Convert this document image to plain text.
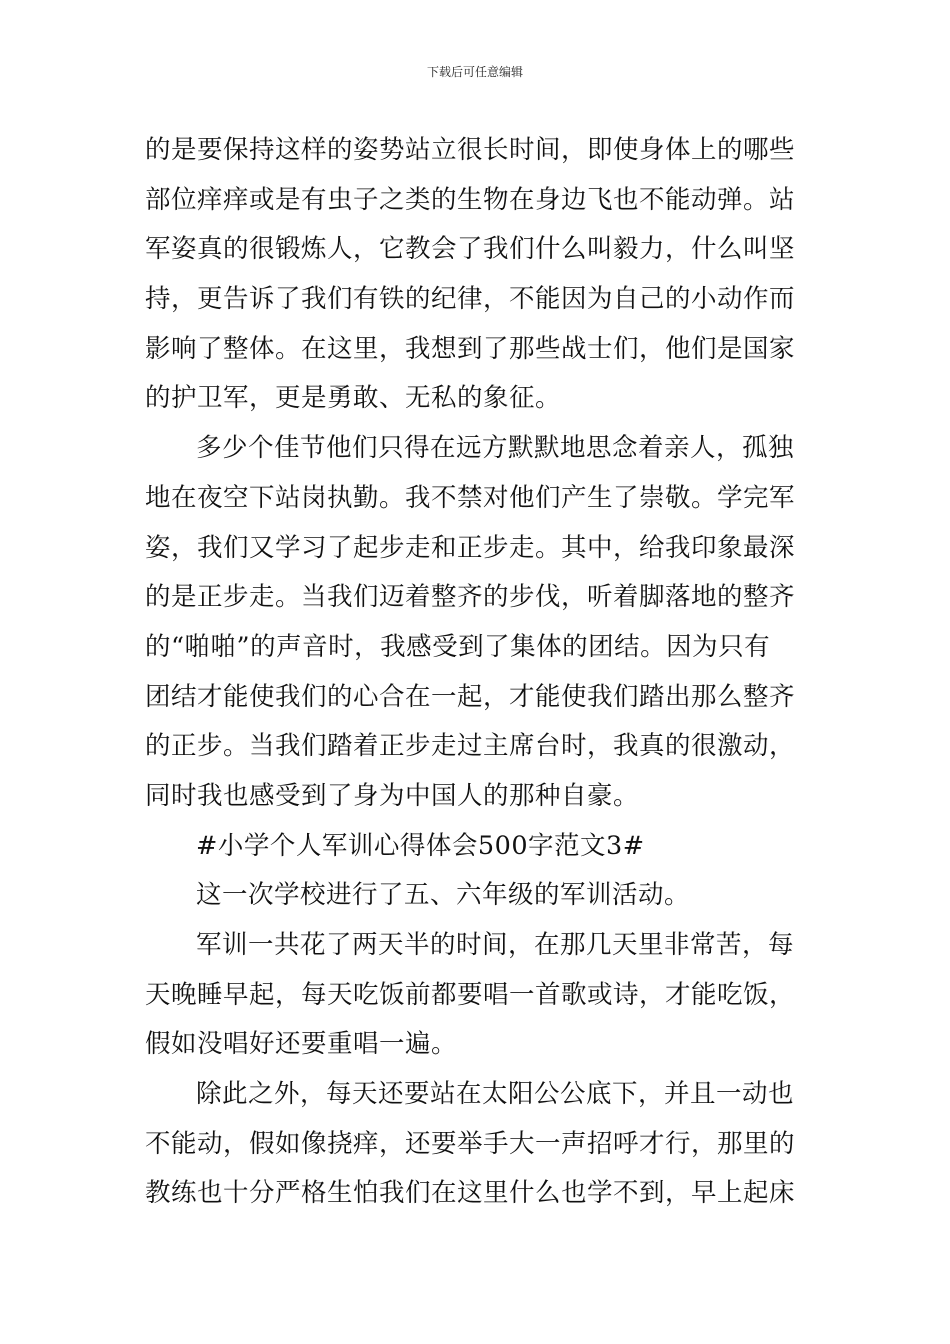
下载后可任意编辑
的是要保持这样的姿势站立很长时间，即使身体上的哪些
部位痒痒或是有虫子之类的生物在身边飞也不能动弹。站
军姿真的很锻炼人，它教会了我们什么叫毅力，什么叫坚
持，更告诉了我们有铁的纪律，不能因为自己的小动作而
影响了整体。在这里，我想到了那些战士们，他们是国家
的护卫军，更是勇敢、无私的象征。
多少个佳节他们只得在远方默默地思念着亲人，孤独
地在夜空下站岗执勤。我不禁对他们产生了崇敬。学完军
姿，我们又学习了起步走和正步走。其中，给我印象最深
的是正步走。当我们迈着整齐的步伐，听着脚落地的整齐
的“啪啪”的声音时，我感受到了集体的团结。因为只有
团结才能使我们的心合在一起，才能使我们踏出那么整齐
的正步。当我们踏着正步走过主席台时，我真的很激动，
同时我也感受到了身为中国人的那种自豪。
#小学个人军训心得体会500字范文3#
这一次学校进行了五、六年级的军训活动。
军训一共花了两天半的时间，在那几天里非常苦，每
天晚睡早起，每天吃饭前都要唱一首歌或诗，才能吃饭，
假如没唱好还要重唱一遍。
除此之外，每天还要站在太阳公公底下，并且一动也
不能动，假如像挠痒，还要举手大一声招呼才行，那里的
教练也十分严格生怕我们在这里什么也学不到，早上起床
